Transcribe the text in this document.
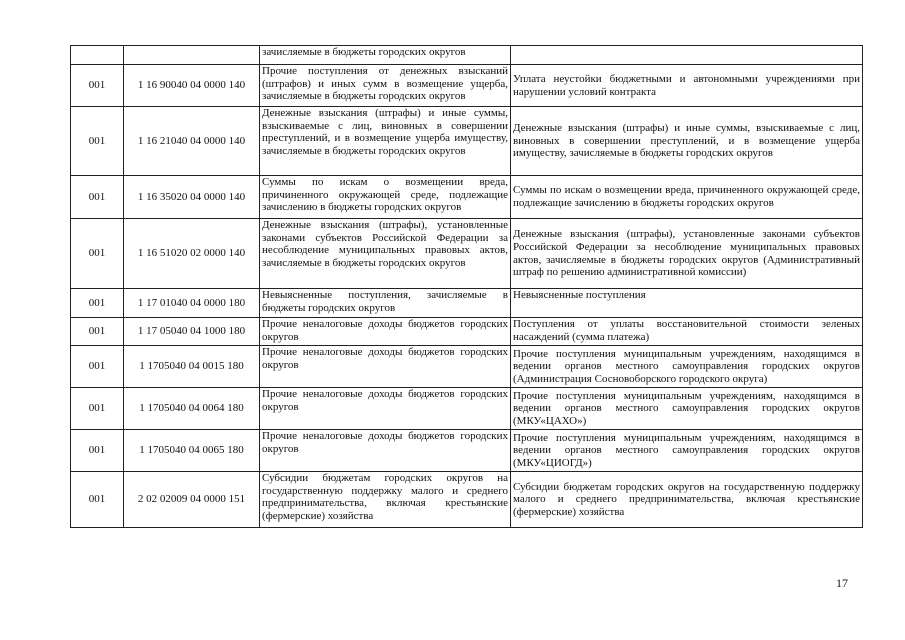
		зачисляемые в бюджеты городских округов	
001	1 16 90040 04 0000 140	Прочие поступления от денежных взысканий (штрафов) и иных сумм в возмещение ущерба, зачисляемые в бюджеты городских округов	Уплата неустойки бюджетными и автономными учреждениями при нарушении условий контракта
001	1 16 21040 04 0000 140	Денежные взыскания (штрафы) и иные суммы, взыскиваемые с лиц, виновных в совершении преступлений, и в возмещение ущерба имуществу, зачисляемые в бюджеты городских округов	Денежные взыскания (штрафы) и иные суммы, взыскиваемые с лиц, виновных в совершении преступлений, и в возмещение ущерба имуществу, зачисляемые в бюджеты городских округов
001	1 16 35020 04 0000 140	Суммы по искам о возмещении вреда, причиненного окружающей среде, подлежащие зачислению в бюджеты городских округов	Суммы по искам о возмещении вреда, причиненного окружающей среде, подлежащие зачислению в бюджеты городских округов
001	1 16 51020 02 0000 140	Денежные взыскания (штрафы), установленные законами субъектов Российской Федерации за несоблюдение муниципальных правовых актов, зачисляемые в бюджеты городских округов	Денежные взыскания (штрафы), установленные законами субъектов Российской Федерации за несоблюдение муниципальных правовых актов, зачисляемые в бюджеты городских округов (Административный штраф по решению административной комиссии)
001	1 17 01040 04 0000 180	Невыясненные поступления, зачисляемые в бюджеты городских округов	Невыясненные поступления
001	1 17 05040 04 1000 180	Прочие неналоговые доходы бюджетов городских округов	Поступления от уплаты восстановительной стоимости зеленых насаждений (сумма платежа)
001	1 1705040 04 0015 180	Прочие неналоговые доходы бюджетов городских округов	Прочие поступления муниципальным учреждениям, находящимся в ведении органов местного самоуправления городских округов (Администрация Сосновоборского городского округа)
001	1 1705040 04 0064 180	Прочие неналоговые доходы бюджетов городских округов	Прочие поступления муниципальным учреждениям, находящимся в ведении органов местного самоуправления городских округов (МКУ«ЦАХО»)
001	1 1705040 04 0065 180	Прочие неналоговые доходы бюджетов городских округов	Прочие поступления муниципальным учреждениям, находящимся в ведении органов местного самоуправления городских округов (МКУ«ЦИОГД»)
001	2 02 02009 04 0000 151	Субсидии бюджетам городских округов на государственную поддержку малого и среднего предпринимательства, включая крестьянские (фермерские) хозяйства	Субсидии бюджетам городских округов на государственную поддержку малого и среднего предпринимательства, включая крестьянские (фермерские) хозяйства
17
